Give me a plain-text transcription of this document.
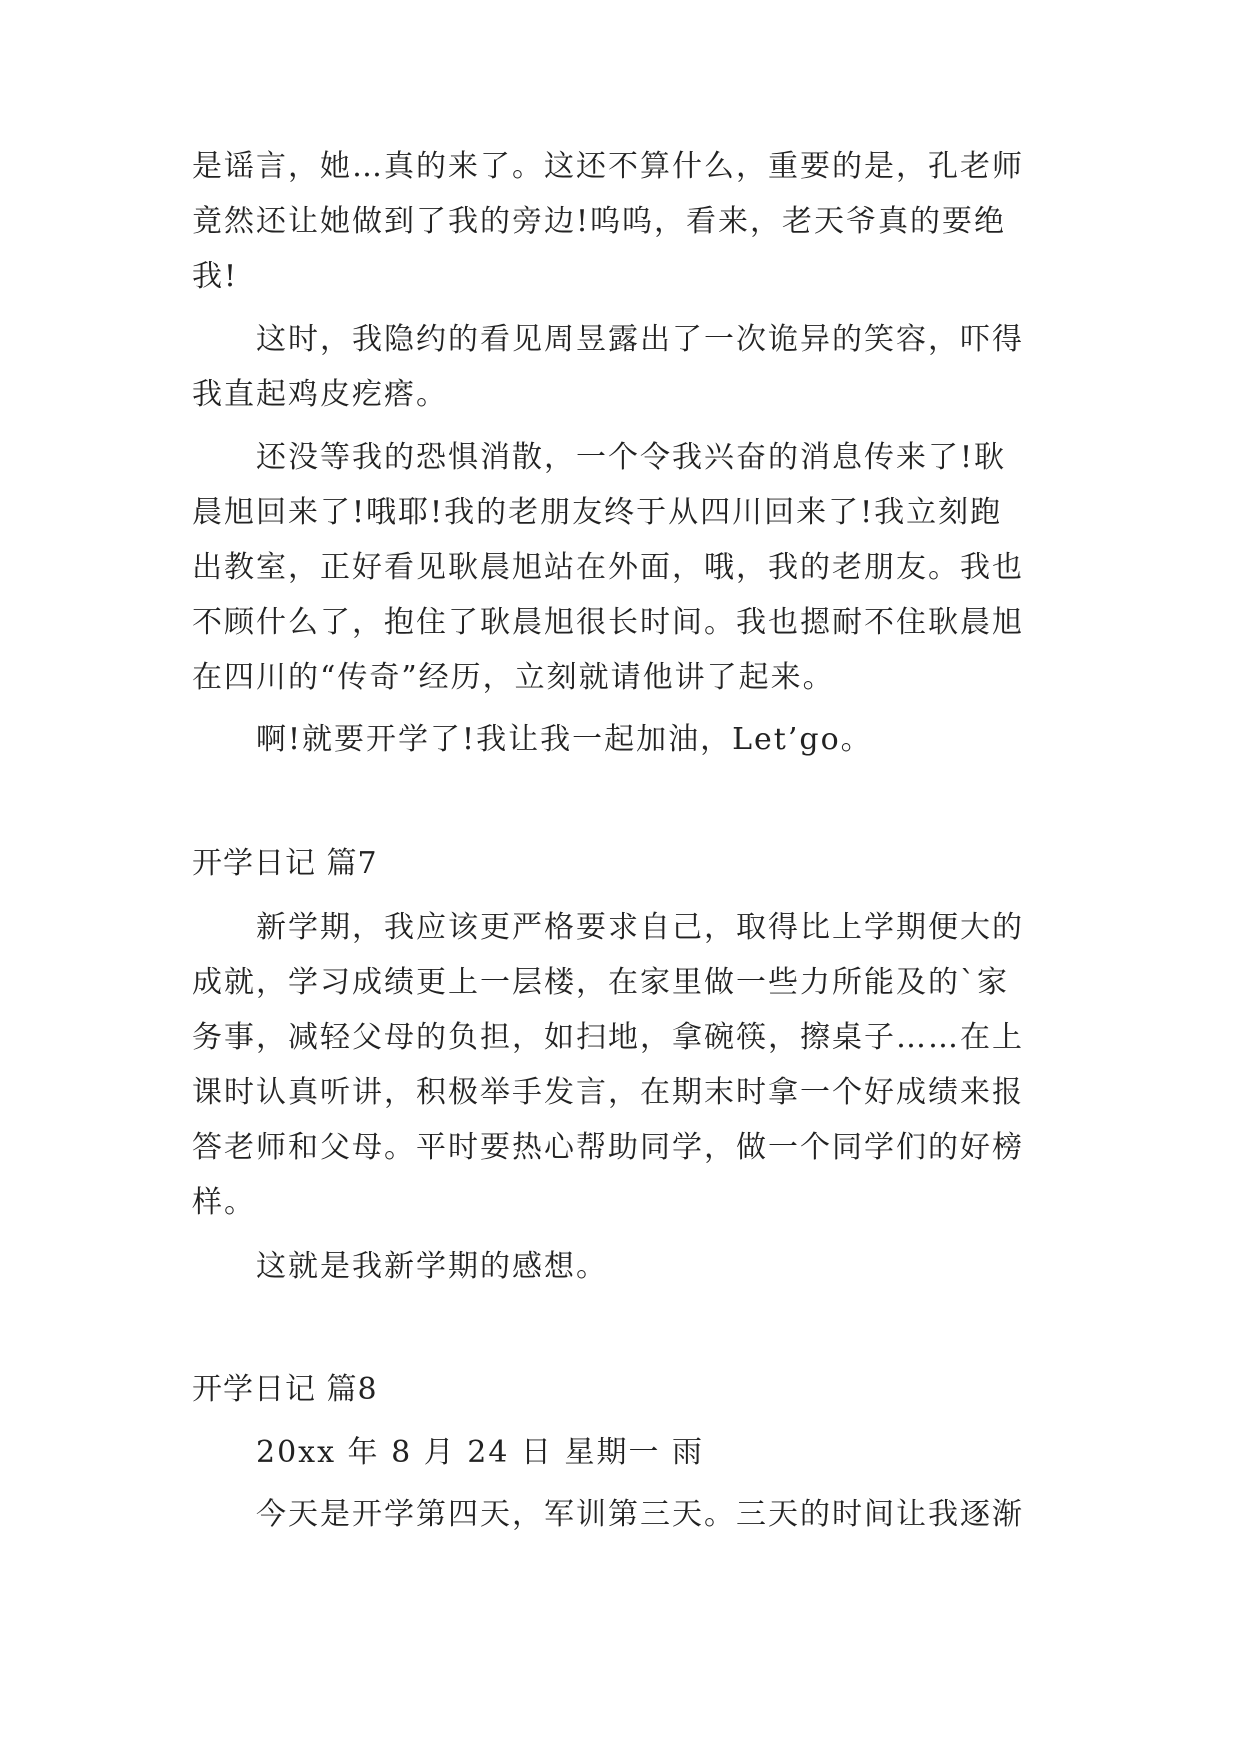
是谣言，她…真的来了。这还不算什么，重要的是，孔老师
竟然还让她做到了我的旁边!呜呜，看来，老天爷真的要绝
我!
这时，我隐约的看见周昱露出了一次诡异的笑容，吓得
我直起鸡皮疙瘩。
还没等我的恐惧消散，一个令我兴奋的消息传来了!耿
晨旭回来了!哦耶!我的老朋友终于从四川回来了!我立刻跑
出教室，正好看见耿晨旭站在外面，哦，我的老朋友。我也
不顾什么了，抱住了耿晨旭很长时间。我也摁耐不住耿晨旭
在四川的“传奇”经历，立刻就请他讲了起来。
啊!就要开学了!我让我一起加油，Let’go。
开学日记 篇7
新学期，我应该更严格要求自己，取得比上学期便大的
成就，学习成绩更上一层楼，在家里做一些力所能及的`家
务事，减轻父母的负担，如扫地，拿碗筷，擦桌子……在上
课时认真听讲，积极举手发言，在期末时拿一个好成绩来报
答老师和父母。平时要热心帮助同学，做一个同学们的好榜
样。
这就是我新学期的感想。
开学日记 篇8
20xx 年 8 月 24 日 星期一 雨
今天是开学第四天，军训第三天。三天的时间让我逐渐
